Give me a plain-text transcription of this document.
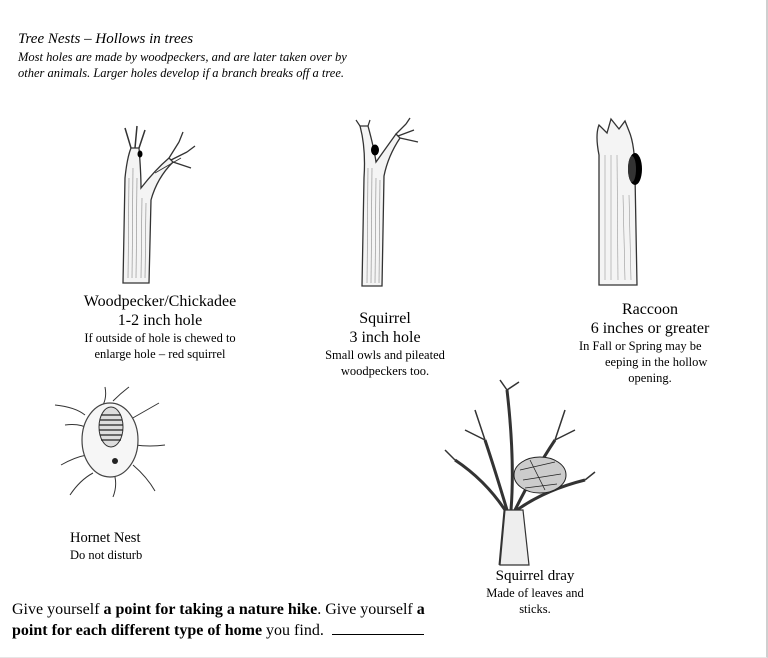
Tree Nests – Hollows in trees
Most holes are made by woodpeckers, and are later taken over by
other animals. Larger holes develop if a branch breaks off a tree.
Woodpecker/Chickadee
1-2 inch hole
If outside of hole is chewed to
enlarge hole – red squirrel
Squirrel
3 inch hole
Small owls and pileated
woodpeckers too.
Raccoon
6 inches or greater
In Fall or Spring may be
eeping in the hollow
opening.
Hornet Nest
Do not disturb
Squirrel dray
Made of leaves and
sticks.
Give yourself a point for taking a nature hike. Give yourself a
point for each different type of home you find.
